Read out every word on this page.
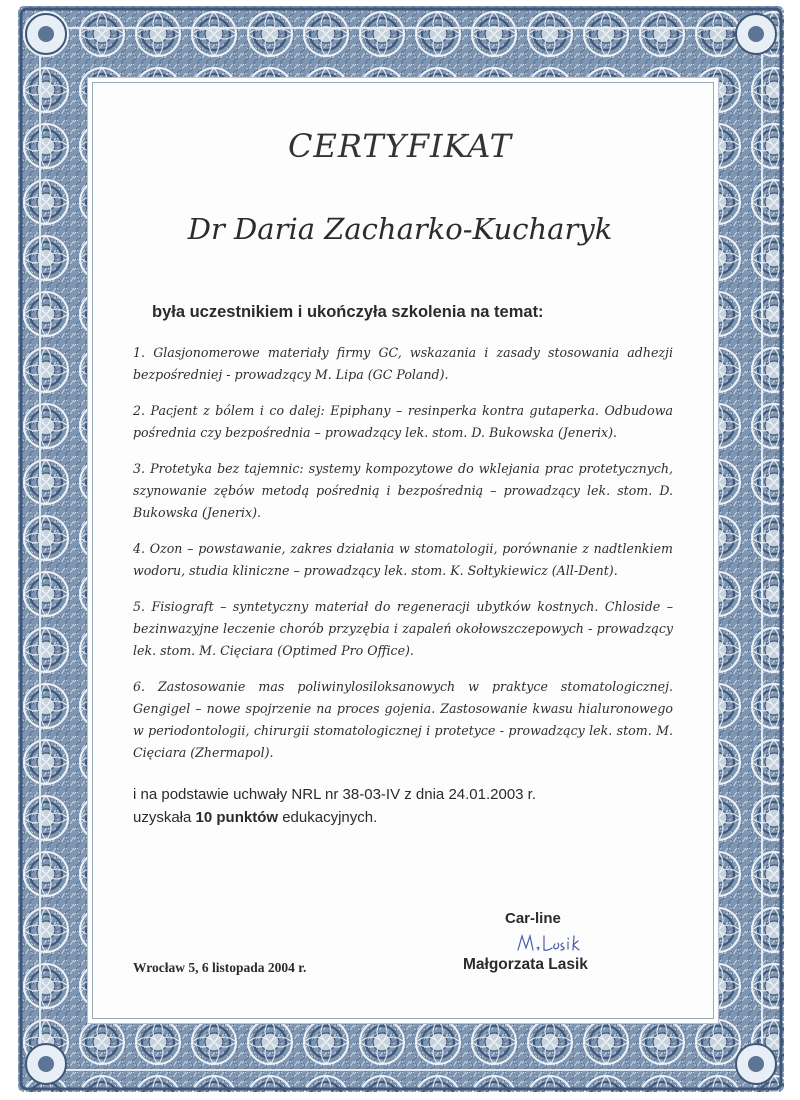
CERTYFIKAT
Dr Daria Zacharko-Kucharyk
była uczestnikiem i ukończyła szkolenia na temat:
1. Glasjonomerowe materiały firmy GC, wskazania i zasady stosowania adhezji bezpośredniej - prowadzący M. Lipa (GC Poland).
2. Pacjent z bólem i co dalej: Epiphany – resinperka kontra gutaperka. Odbudowa pośrednia czy bezpośrednia – prowadzący lek. stom. D. Bukowska (Jenerix).
3. Protetyka bez tajemnic: systemy kompozytowe do wklejania prac protetycznych, szynowanie zębów metodą pośrednią i bezpośrednią – prowadzący lek. stom. D. Bukowska (Jenerix).
4. Ozon – powstawanie, zakres działania w stomatologii, porównanie z nadtlenkiem wodoru, studia kliniczne – prowadzący lek. stom. K. Sołtykiewicz (All-Dent).
5. Fisiograft – syntetyczny materiał do regeneracji ubytków kostnych. Chloside – bezinwazyjne leczenie chorób przyzębia i zapaleń okołowszczepowych - prowadzący lek. stom. M. Cięciara (Optimed Pro Office).
6. Zastosowanie mas poliwinylosiloksanowych w praktyce stomatologicznej. Gengigel – nowe spojrzenie na proces gojenia. Zastosowanie kwasu hialuronowego w periodontologii, chirurgii stomatologicznej i protetyce - prowadzący lek. stom. M. Cięciara (Zhermapol).
i na podstawie uchwały NRL nr 38-03-IV z dnia 24.01.2003 r.
uzyskała 10 punktów edukacyjnych.
Car-line
Wrocław 5, 6 listopada 2004 r.	Małgorzata Lasik
